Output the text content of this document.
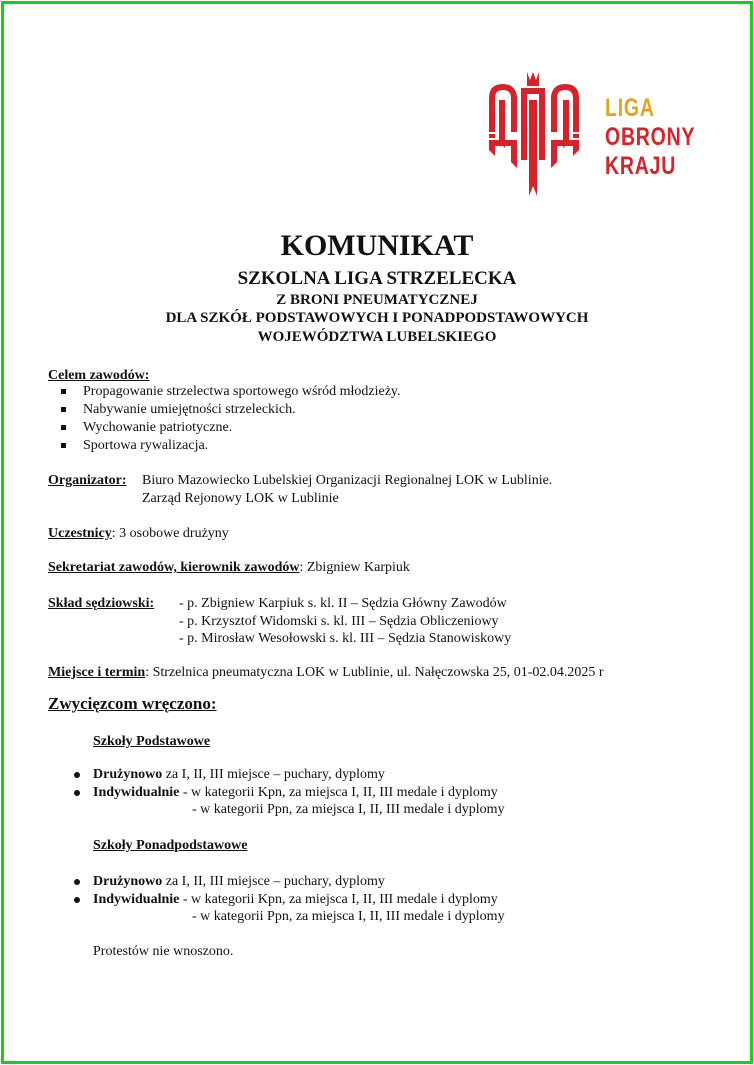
LIGA
OBRONY
KRAJU
KOMUNIKAT
SZKOLNA LIGA STRZELECKA
Z BRONI PNEUMATYCZNEJ
DLA SZKÓŁ PODSTAWOWYCH I PONADPODSTAWOWYCH
WOJEWÓDZTWA LUBELSKIEGO
Celem zawodów:
Propagowanie strzelectwa sportowego wśród młodzieży.
Nabywanie umiejętności strzeleckich.
Wychowanie patriotyczne.
Sportowa rywalizacja.
Organizator: Biuro Mazowiecko Lubelskiej Organizacji Regionalnej LOK w Lublinie.
Zarząd Rejonowy LOK w Lublinie
Uczestnicy: 3 osobowe drużyny
Sekretariat zawodów, kierownik zawodów: Zbigniew Karpiuk
Skład sędziowski: - p. Zbigniew Karpiuk s. kl. II – Sędzia Główny Zawodów
- p. Krzysztof Widomski s. kl. III – Sędzia Obliczeniowy
- p. Mirosław Wesołowski s. kl. III – Sędzia Stanowiskowy
Miejsce i termin: Strzelnica pneumatyczna LOK w Lublinie, ul. Nałęczowska 25, 01-02.04.2025 r
Zwycięzcom wręczono:
Szkoły Podstawowe
Drużynowo za I, II, III miejsce – puchary, dyplomy
Indywidualnie - w kategorii Kpn, za miejsca I, II, III medale i dyplomy
- w kategorii Ppn, za miejsca I, II, III medale i dyplomy
Szkoły Ponadpodstawowe
Drużynowo za I, II, III miejsce – puchary, dyplomy
Indywidualnie - w kategorii Kpn, za miejsca I, II, III medale i dyplomy
- w kategorii Ppn, za miejsca I, II, III medale i dyplomy
Protestów nie wnoszono.
